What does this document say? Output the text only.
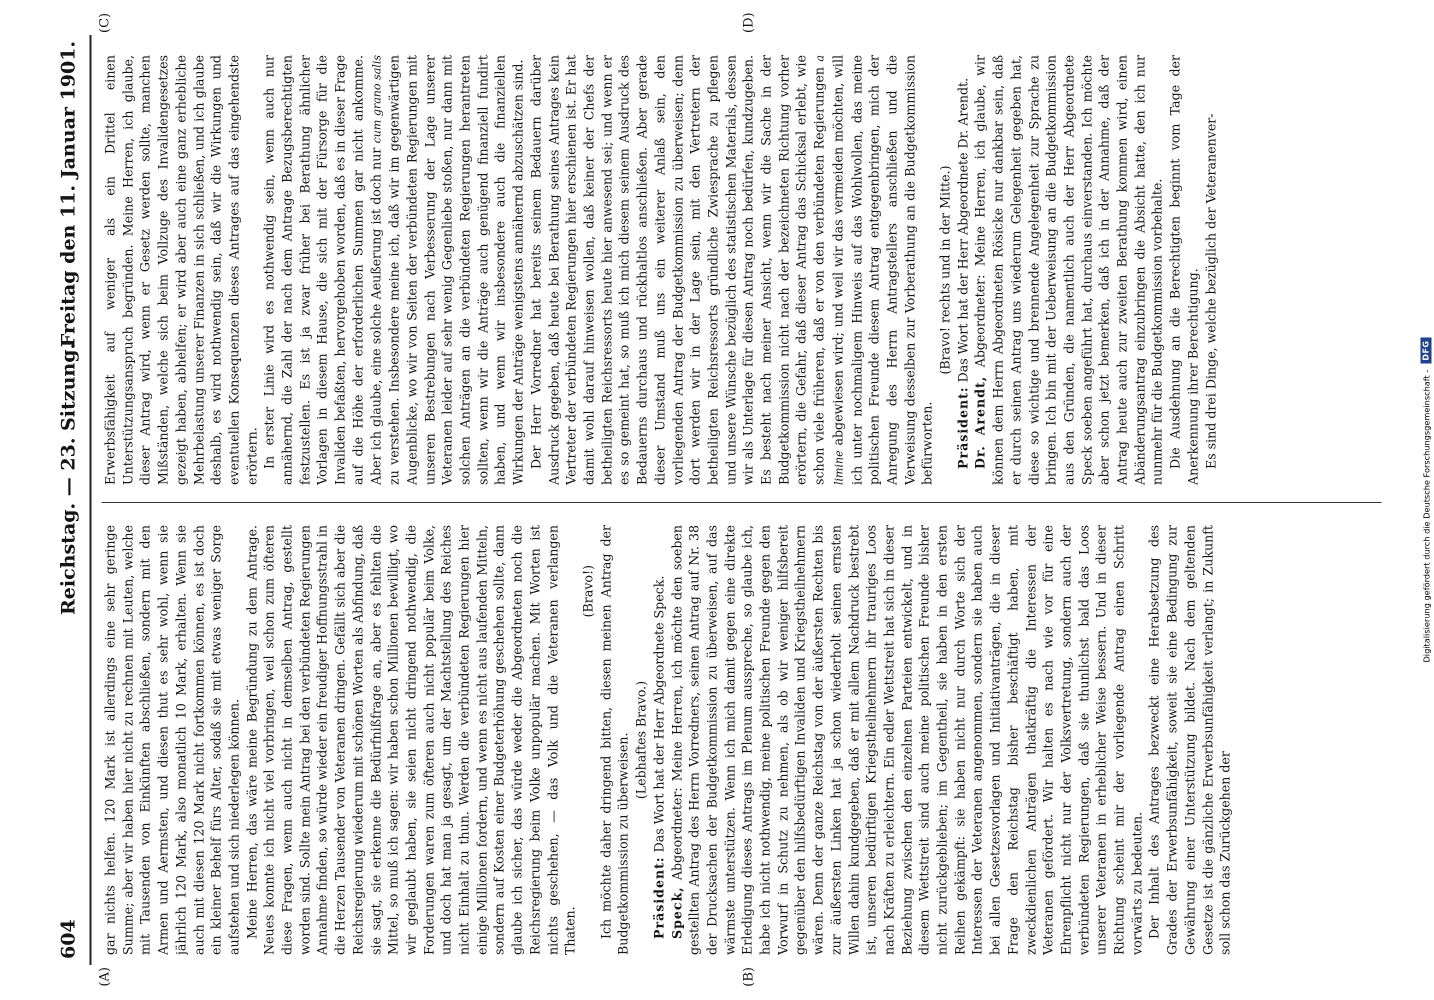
604
Reichstag. — 23. Sitzung.
Freitag den 11. Januar 1901.
(A)	(B)
(C)	(D)

gar nichts helfen. 120 Mark ist allerdings eine sehr geringe Summe; aber wir haben hier nicht zu rechnen mit Leuten, welche mit Tausenden von Einkünften abschließen, sondern mit den Armen und Aermsten, und diesen thut es sehr wohl, wenn sie jährlich 120 Mark, also monatlich 10 Mark, erhalten. Wenn sie auch mit diesen 120 Mark nicht fortkommen können, es ist doch ein kleiner Behelf fürs Alter, sodaß sie mit etwas weniger Sorge aufstehen und sich niederlegen können. Meine Herren, das wäre meine Begründung zu dem Antrage. Neues konnte ich nicht viel vorbringen, weil schon zum öfteren diese Fragen, wenn auch nicht in demselben Antrag, gestellt worden sind. Sollte mein Antrag bei den verbündeten Regierungen Annahme finden, so würde wieder ein freudiger Hoffnungsstrahl in die Herzen Tausender von Veteranen dringen. Gefällt sich aber die Reichsregierung wiederum mit schönen Worten als Abfindung, daß sie sagt, sie erkenne die Bedürfnißfrage an, aber es fehlten die Mittel, so muß ich sagen: wir haben schon Millionen bewilligt, wo wir geglaubt haben, sie seien nicht dringend nothwendig, die Forderungen waren zum öfteren auch nicht populär beim Volke, und doch hat man ja gesagt, um der Machtstellung des Reiches nicht Einhalt zu thun. Werden die verbündeten Regierungen hier einige Millionen fordern, und wenn es nicht aus laufenden Mitteln, sondern auf Kosten einer Budgeterhöhung geschehen sollte, dann glaube ich sicher, das würde weder die Abgeordneten noch die Reichsregierung beim Volke unpopulär machen. Mit Worten ist nichts geschehen, — das Volk und die Veteranen verlangen Thaten.

(Bravo!) Ich möchte daher dringend bitten, diesen meinen Antrag der Budgetkommission zu überweisen. (Lebhaftes Bravo.)

Präsident: Das Wort hat der Herr Abgeordnete Speck.

Speck, Abgeordneter: Meine Herren, ich möchte den soeben gestellten Antrag des Herrn Vorredners, seinen Antrag auf Nr. 38 der Drucksachen der Budgetkommission zu überweisen, auf das wärmste unterstützen. Wenn ich mich damit gegen eine direkte Erledigung dieses Antrags im Plenum ausspreche, so glaube ich, habe ich nicht nothwendig, meine politischen Freunde gegen den Vorwurf in Schutz zu nehmen, als ob wir weniger hilfsbereit gegenüber den hilfsbedürftigen Invaliden und Kriegstheilnehmern wären. Denn der ganze Reichstag von der äußersten Rechten bis zur äußersten Linken hat ja schon wiederholt seinen ernsten Willen dahin kundgegeben, daß er mit allem Nachdruck bestrebt ist, unseren bedürftigen Kriegstheilnehmern ihr trauriges Loos nach Kräften zu erleichtern. Ein edler Wettstreit hat sich in dieser Beziehung zwischen den einzelnen Parteien entwickelt, und in diesem Wettstreit sind auch meine politischen Freunde bisher nicht zurückgeblieben; im Gegentheil, sie haben in den ersten Reihen gekämpft: sie haben nicht nur durch Worte sich der Interessen der Veteranen angenommen, sondern sie haben auch bei allen Gesetzesvorlagen und Initiativanträgen, die in dieser Frage den Reichstag bisher beschäftigt haben, mit zweckdienlichen Anträgen thatkräftig die Interessen der Veteranen gefördert. Wir halten es nach wie vor für eine Ehrenpflicht nicht nur der Volksvertretung, sondern auch der verbündeten Regierungen, daß sie thunlichst bald das Loos unserer Veteranen in erheblicher Weise bessern. Und in dieser Richtung scheint mir der vorliegende Antrag einen Schritt vorwärts zu bedeuten. Der Inhalt des Antrages bezweckt eine Herabsetzung des Grades der Erwerbsunfähigkeit, soweit sie eine Bedingung zur Gewährung einer Unterstützung bildet. Nach dem geltenden Gesetze ist die gänzliche Erwerbsunfähigkeit verlangt; in Zukunft soll schon das Zurückgehen der

Erwerbsfähigkeit auf weniger als ein Drittel einen Unterstützungsanspruch begründen. Meine Herren, ich glaube, dieser Antrag wird, wenn er Gesetz werden sollte, manchen Mißständen, welche sich beim Vollzuge des Invalidengesetzes gezeigt haben, abhelfen; er wird aber auch eine ganz erhebliche Mehrbelastung unserer Finanzen in sich schließen, und ich glaube deshalb, es wird nothwendig sein, daß wir die Wirkungen und eventuellen Konsequenzen dieses Antrages auf das eingehendste erörtern. In erster Linie wird es nothwendig sein, wenn auch nur annähernd, die Zahl der nach dem Antrage Bezugsberechtigten festzustellen. Es ist ja zwar früher bei Berathung ähnlicher Vorlagen in diesem Hause, die sich mit der Fürsorge für die Invaliden befaßten, hervorgehoben worden, daß es in dieser Frage auf die Höhe der erforderlichen Summen gar nicht ankomme. Aber ich glaube, eine solche Aeußerung ist doch nur cum grano salis zu verstehen. Insbesondere meine ich, daß wir im gegenwärtigen Augenblicke, wo wir von Seiten der verbündeten Regierungen mit unseren Bestrebungen nach Verbesserung der Lage unserer Veteranen leider auf sehr wenig Gegenliebe stoßen, nur dann mit solchen Anträgen an die verbündeten Regierungen herantreten sollten, wenn wir die Anträge auch genügend finanziell fundirt haben, und wenn wir insbesondere auch die finanziellen Wirkungen der Anträge wenigstens annähernd abzuschätzen sind. Der Herr Vorredner hat bereits seinem Bedauern darüber Ausdruck gegeben, daß heute bei Berathung seines Antrages kein Vertreter der verbündeten Regierungen hier erschienen ist. Er hat damit wohl darauf hinweisen wollen, daß keiner der Chefs der betheiligten Reichsressorts heute hier anwesend sei; und wenn er es so gemeint hat, so muß ich mich diesem seinem Ausdruck des Bedauerns durchaus und rückhaltlos anschließen. Aber gerade dieser Umstand muß uns ein weiterer Anlaß sein, den vorliegenden Antrag der Budgetkommission zu überweisen; denn dort werden wir in der Lage sein, mit den Vertretern der betheiligten Reichsressorts gründliche Zwiesprache zu pflegen und unsere Wünsche bezüglich des statistischen Materials, dessen wir als Unterlage für diesen Antrag noch bedürfen, kundzugeben. Es besteht nach meiner Ansicht, wenn wir die Sache in der Budgetkommission nicht nach der bezeichneten Richtung vorher erörtern, die Gefahr, daß dieser Antrag das Schicksal erlebt, wie schon viele früheren, daß er von den verbündeten Regierungen a limine abgewiesen wird; und weil wir das vermeiden möchten, will ich unter nochmaligem Hinweis auf das Wohlwollen, das meine politischen Freunde diesem Antrag entgegenbringen, mich der Anregung des Herrn Antragstellers anschließen und die Verweisung desselben zur Vorberathung an die Budgetkommission befürworten.

(Bravo! rechts und in der Mitte.)

Präsident: Das Wort hat der Herr Abgeordnete Dr. Arendt.

Dr. Arendt, Abgeordneter: Meine Herren, ich glaube, wir können dem Herrn Abgeordneten Rösicke nur dankbar sein, daß er durch seinen Antrag uns wiederum Gelegenheit gegeben hat, diese so wichtige und brennende Angelegenheit zur Sprache zu bringen. Ich bin mit der Ueberweisung an die Budgetkommission aus den Gründen, die namentlich auch der Herr Abgeordnete Speck soeben angeführt hat, durchaus einverstanden. Ich möchte aber schon jetzt bemerken, daß ich in der Annahme, daß der Antrag heute auch zur zweiten Berathung kommen wird, einen Abänderungsantrag einzubringen die Absicht hatte, den ich nur nunmehr für die Budgetkommission vorbehalte. Die Ausdehnung an die Berechtigten beginnt vom Tage der Anerkennung ihrer Berechtigung. Es sind drei Dinge, welche bezüglich der Veteranenver-

Digitalisierung gefördert durch die Deutsche Forschungsgemeinschaft -
DFG
